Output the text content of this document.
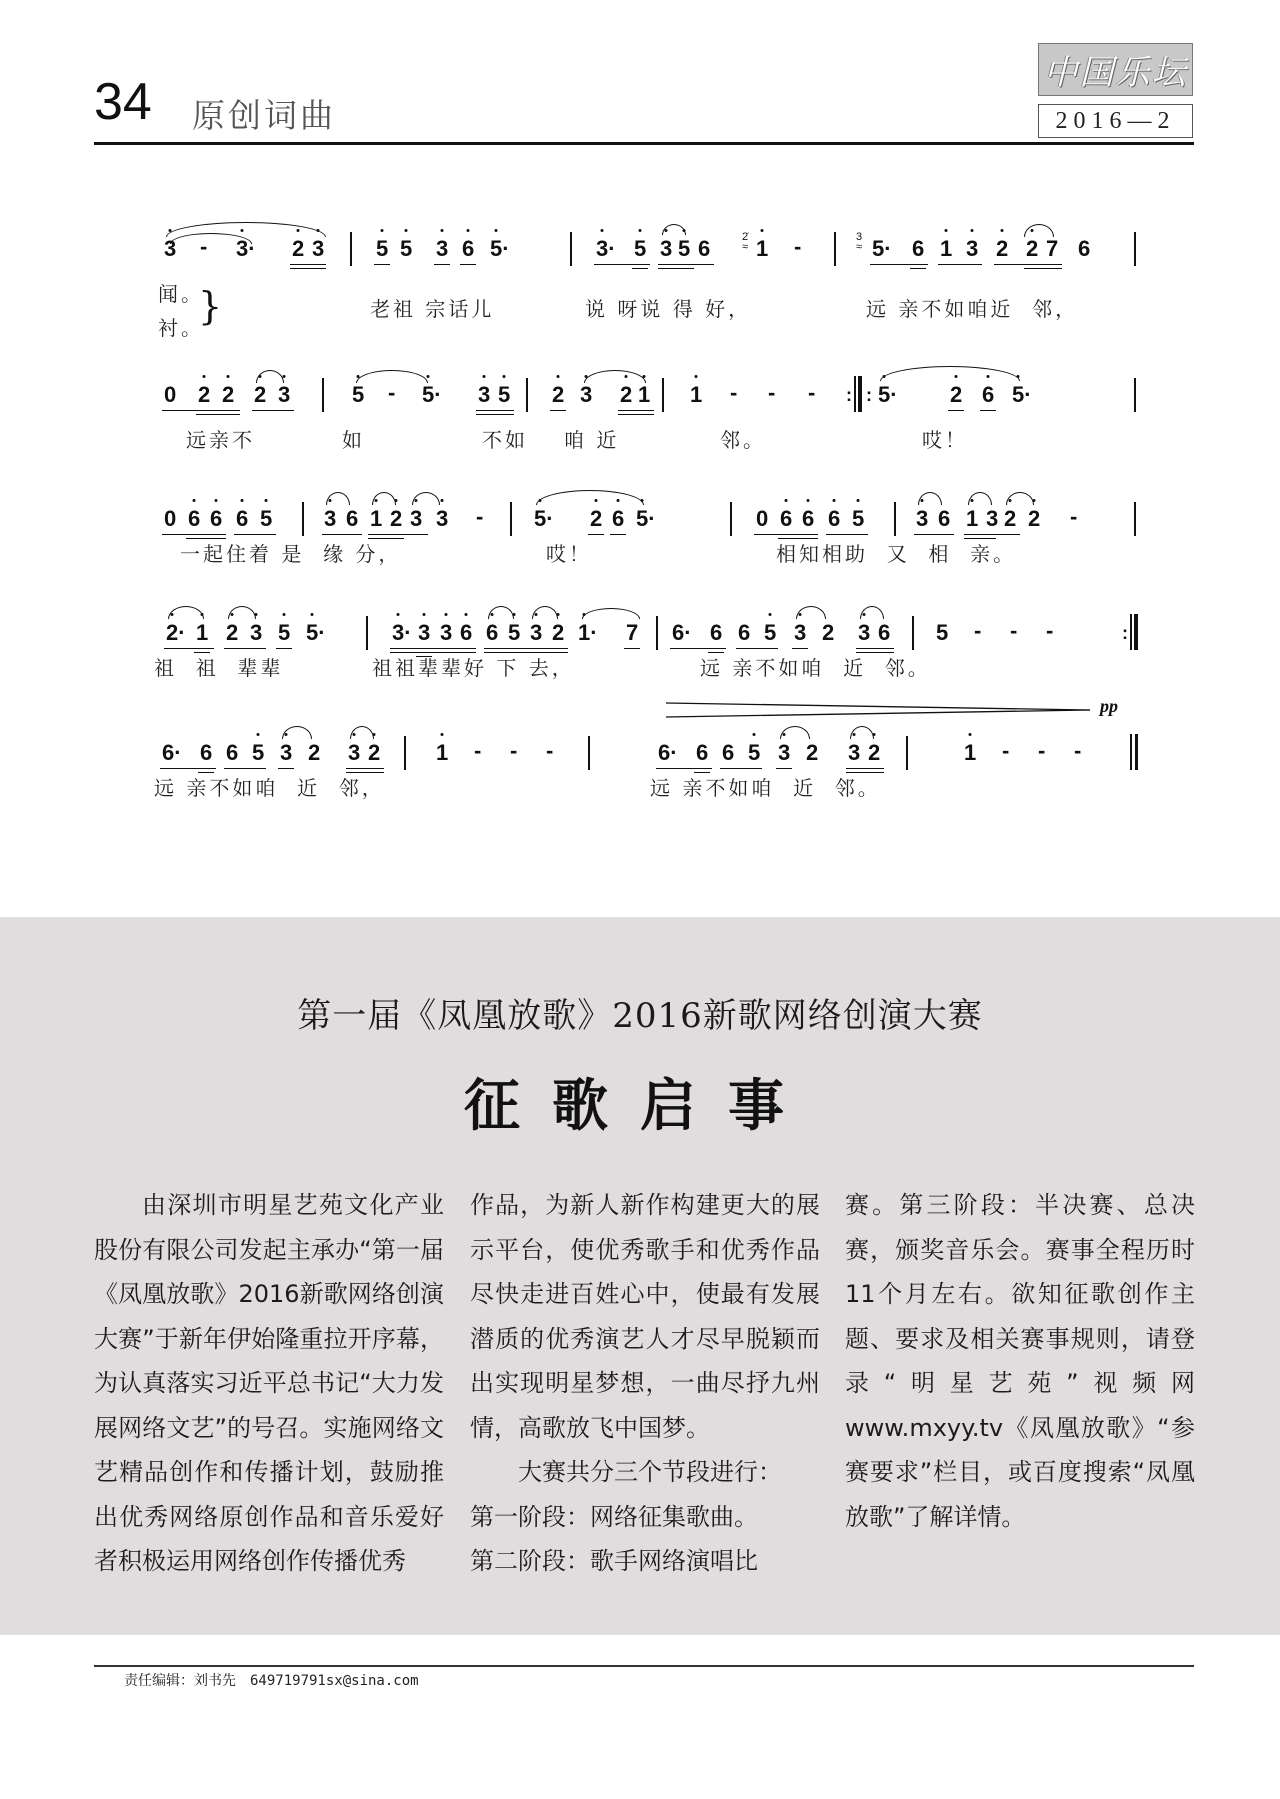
34 原创词曲
中国乐坛
2016—2
3 - 3· 2 3 5 5 3 6 5·	3· 5 3 5 6	2̇
≈ 1 -	3
≈ 5· 6 1 3 2 2 7 6
闻。
衬。
}	老祖 宗话儿	说 呀说 得 好，	远 亲不如咱近  邻，
0 2 2 2 3	5 - 5· 3 5 2 3 2 1 1 - - - : : 5· 2 6 5·
远亲不	如	不如 咱 近	邻。	哎！
0 6 6 6 5 3 6 1 2 3 3 - 5· 2 6 5·	0 6 6 6 5 3 6 1 3 2 2 -
一起住着 是  缘 分，	哎！	相知相助  又  相  亲。
2· 1 2 3 5 5·	3· 3 3 6 6 5 3 2 1· 7 6· 6 6 5 3 2 3 6 5 - - -	:
祖  祖  辈辈	祖祖辈辈好 下 去，	远 亲不如咱  近  邻。
pp
6· 6 6 5 3 2 3 2	1 - - -	6· 6 6 5 3 2 3 2	1 - - -
远 亲不如咱  近  邻，	远 亲不如咱  近  邻。
第一届《凤凰放歌》2016新歌网络创演大赛
征歌启事

由深圳市明星艺苑文化产业股份有限公司发起主承办“第一届《凤凰放歌》2016新歌网络创演大赛”于新年伊始隆重拉开序幕，为认真落实习近平总书记“大力发展网络文艺”的号召。实施网络文艺精品创作和传播计划，鼓励推出优秀网络原创作品和音乐爱好者积极运用网络创作传播优秀

作品，为新人新作构建更大的展示平台，使优秀歌手和优秀作品尽快走进百姓心中，使最有发展潜质的优秀演艺人才尽早脱颖而出实现明星梦想，一曲尽抒九州情，高歌放飞中国梦。

大赛共分三个节段进行：

第一阶段：网络征集歌曲。

第二阶段：歌手网络演唱比

赛。第三阶段：半决赛、总决赛，颁奖音乐会。赛事全程历时11个月左右。欲知征歌创作主题、要求及相关赛事规则，请登录“明星艺苑”视频网www.mxyy.tv《凤凰放歌》“参赛要求”栏目，或百度搜索“凤凰放歌”了解详情。

责任编辑：刘书先 649719791sx@sina.com
